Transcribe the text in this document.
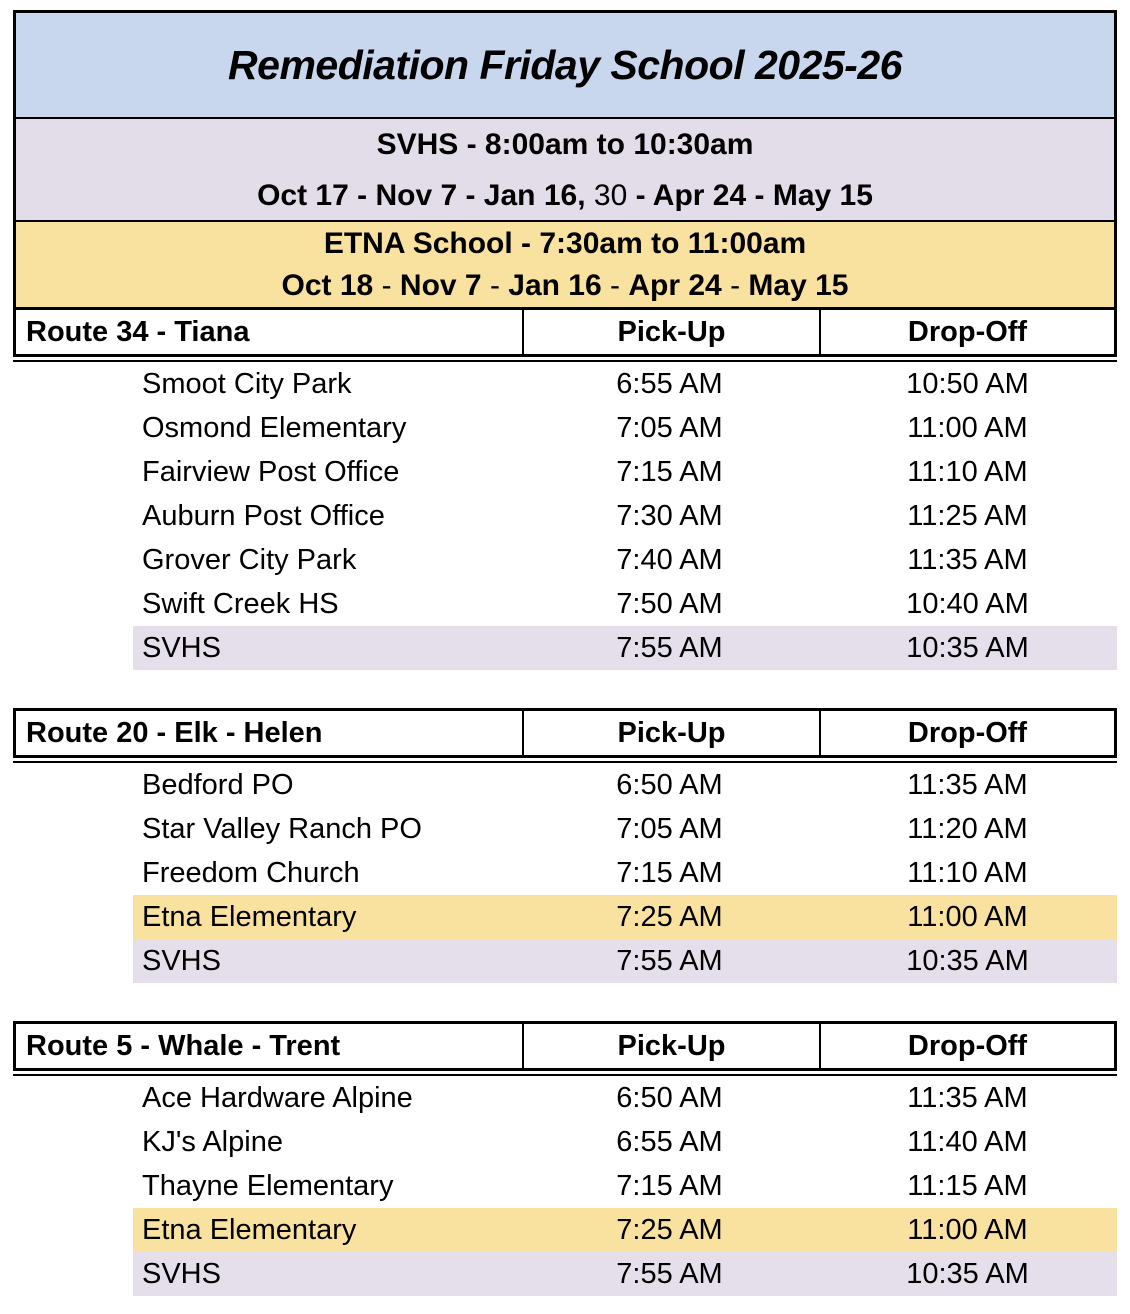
Remediation Friday School 2025-26
SVHS - 8:00am to 10:30am
Oct 17 - Nov 7 - Jan 16, 30 - Apr 24 - May 15
ETNA School - 7:30am to 11:00am
Oct 18 - Nov 7 - Jan 16 - Apr 24 - May 15
Route 34 - Tiana	Pick-Up	Drop-Off
Smoot City Park	6:55 AM	10:50 AM
Osmond Elementary	7:05 AM	11:00 AM
Fairview Post Office	7:15 AM	11:10 AM
Auburn Post Office	7:30 AM	11:25 AM
Grover City Park	7:40 AM	11:35 AM
Swift Creek HS	7:50 AM	10:40 AM
SVHS	7:55 AM	10:35 AM
Route 20 - Elk - Helen	Pick-Up	Drop-Off
Bedford PO	6:50 AM	11:35 AM
Star Valley Ranch PO	7:05 AM	11:20 AM
Freedom Church	7:15 AM	11:10 AM
Etna Elementary	7:25 AM	11:00 AM
SVHS	7:55 AM	10:35 AM
Route 5 - Whale - Trent	Pick-Up	Drop-Off
Ace Hardware Alpine	6:50 AM	11:35 AM
KJ's Alpine	6:55 AM	11:40 AM
Thayne Elementary	7:15 AM	11:15 AM
Etna Elementary	7:25 AM	11:00 AM
SVHS	7:55 AM	10:35 AM
